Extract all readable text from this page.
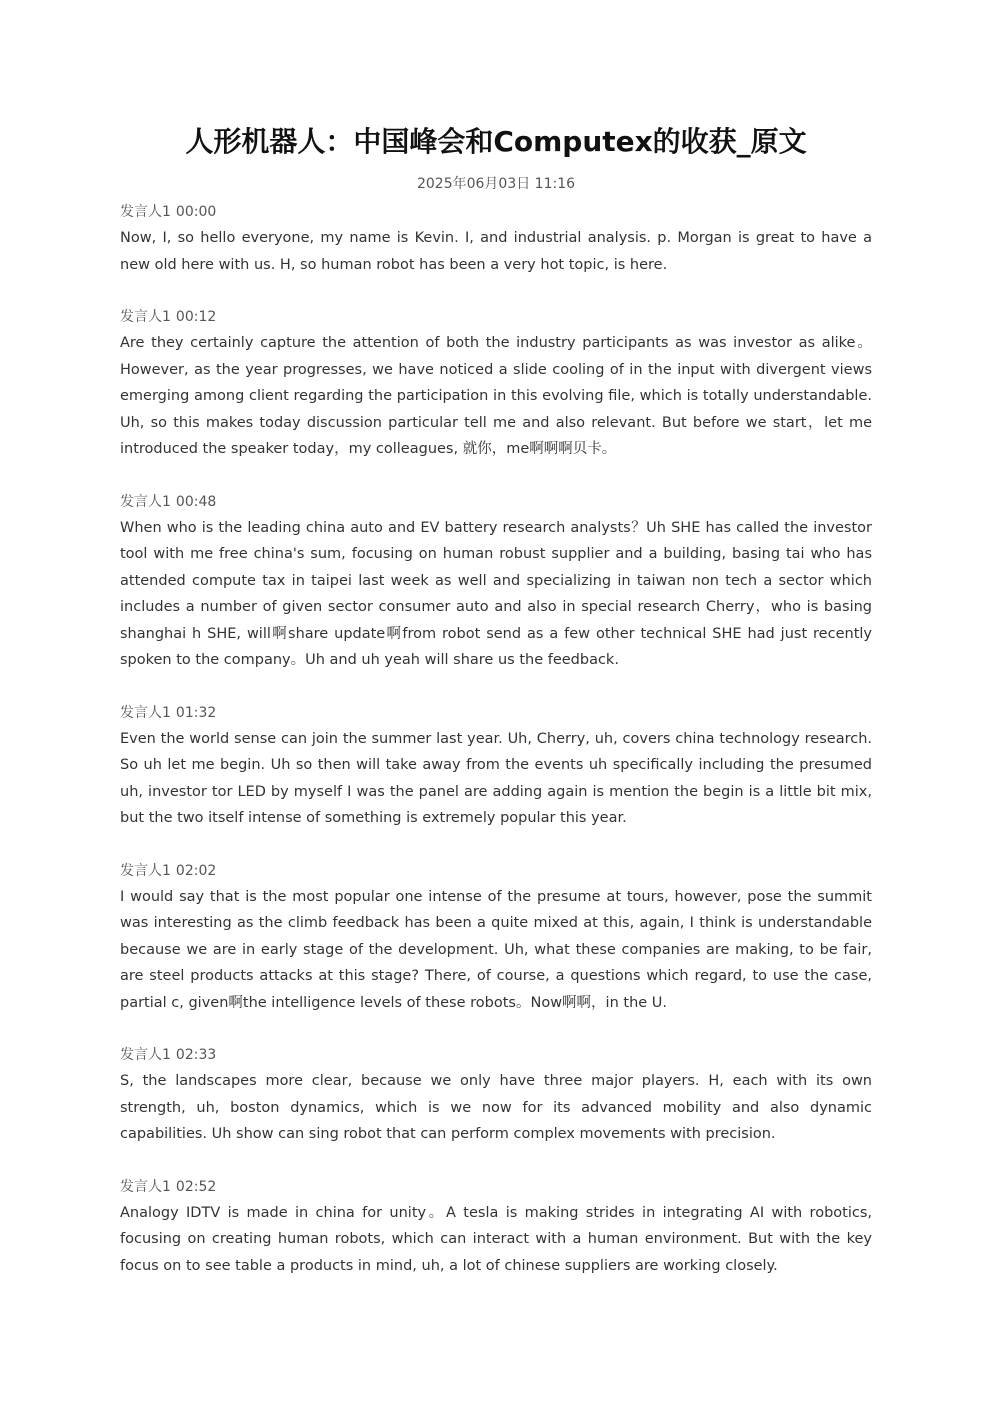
人形机器人：中国峰会和Computex的收获_原文
2025年06月03日 11:16
发言人1 00:00

Now, I, so hello everyone, my name is Kevin. I, and industrial analysis. p. Morgan is great to have a new old here with us. H, so human robot has been a very hot topic, is here.

发言人1 00:12

Are they certainly capture the attention of both the industry participants as was investor as alike。However, as the year progresses, we have noticed a slide cooling of in the input with divergent views emerging among client regarding the participation in this evolving file, which is totally understandable. Uh, so this makes today discussion particular tell me and also relevant. But before we start，let me introduced the speaker today，my colleagues, 就你，me啊啊啊贝卡。

发言人1 00:48

When who is the leading china auto and EV battery research analysts？Uh SHE has called the investor tool with me free china's sum, focusing on human robust supplier and a building, basing tai who has attended compute tax in taipei last week as well and specializing in taiwan non tech a sector which includes a number of given sector consumer auto and also in special research Cherry，who is basing shanghai h SHE, will啊share update啊from robot send as a few other technical SHE had just recently spoken to the company。Uh and uh yeah will share us the feedback.

发言人1 01:32

Even the world sense can join the summer last year. Uh, Cherry, uh, covers china technology research. So uh let me begin. Uh so then will take away from the events uh specifically including the presumed uh, investor tor LED by myself I was the panel are adding again is mention the begin is a little bit mix, but the two itself intense of something is extremely popular this year.

发言人1 02:02

I would say that is the most popular one intense of the presume at tours, however, pose the summit was interesting as the climb feedback has been a quite mixed at this, again, I think is understandable because we are in early stage of the development. Uh, what these companies are making, to be fair, are steel products attacks at this stage? There, of course, a questions which regard, to use the case, partial c, given啊the intelligence levels of these robots。Now啊啊，in the U.

发言人1 02:33

S, the landscapes more clear, because we only have three major players. H, each with its own strength, uh, boston dynamics, which is we now for its advanced mobility and also dynamic capabilities. Uh show can sing robot that can perform complex movements with precision.

发言人1 02:52

Analogy IDTV is made in china for unity。A tesla is making strides in integrating AI with robotics, focusing on creating human robots, which can interact with a human environment. But with the key focus on to see table a products in mind, uh, a lot of chinese suppliers are working closely.
